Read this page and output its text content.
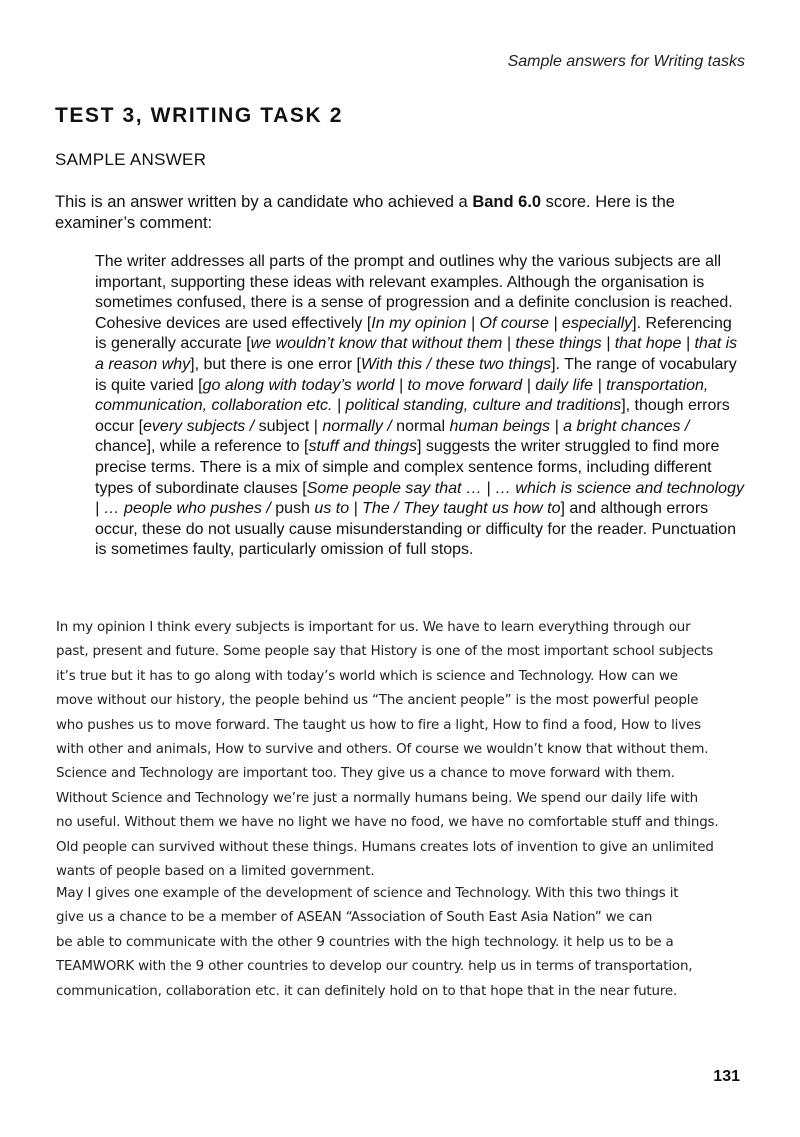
Sample answers for Writing tasks
TEST 3, WRITING TASK 2
SAMPLE ANSWER

This is an answer written by a candidate who achieved a Band 6.0 score. Here is the examiner’s comment:

The writer addresses all parts of the prompt and outlines why the various subjects are all important, supporting these ideas with relevant examples. Although the organisation is sometimes confused, there is a sense of progression and a definite conclusion is reached. Cohesive devices are used effectively [In my opinion | Of course | especially]. Referencing is generally accurate [we wouldn’t know that without them | these things | that hope | that is a reason why], but there is one error [With this / these two things]. The range of vocabulary is quite varied [go along with today’s world | to move forward | daily life | transportation, communication, collaboration etc. | political standing, culture and traditions], though errors occur [every subjects / subject | normally / normal human beings | a bright chances / chance], while a reference to [stuff and things] suggests the writer struggled to find more precise terms. There is a mix of simple and complex sentence forms, including different types of subordinate clauses [Some people say that … | … which is science and technology | … people who pushes / push us to | The / They taught us how to] and although errors occur, these do not usually cause misunderstanding or difficulty for the reader. Punctuation is sometimes faulty, particularly omission of full stops.

In my opinion I think every subjects is important for us. We have to learn everything through our
past, present and future. Some people say that History is one of the most important school subjects
it’s true but it has to go along with today’s world which is science and Technology. How can we
move without our history, the people behind us “The ancient people” is the most powerful people
who pushes us to move forward. The taught us how to fire a light, How to find a food, How to lives
with other and animals, How to survive and others. Of course we wouldn’t know that without them.
Science and Technology are important too. They give us a chance to move forward with them.
Without Science and Technology we’re just a normally humans being. We spend our daily life with
no useful. Without them we have no light we have no food, we have no comfortable stuff and things.
Old people can survived without these things. Humans creates lots of invention to give an unlimited
wants of people based on a limited government.
May I gives one example of the development of science and Technology. With this two things it
give us a chance to be a member of ASEAN “Association of South East Asia Nation” we can
be able to communicate with the other 9 countries with the high technology. it help us to be a
TEAMWORK with the 9 other countries to develop our country. help us in terms of transportation,
communication, collaboration etc. it can definitely hold on to that hope that in the near future.
131
